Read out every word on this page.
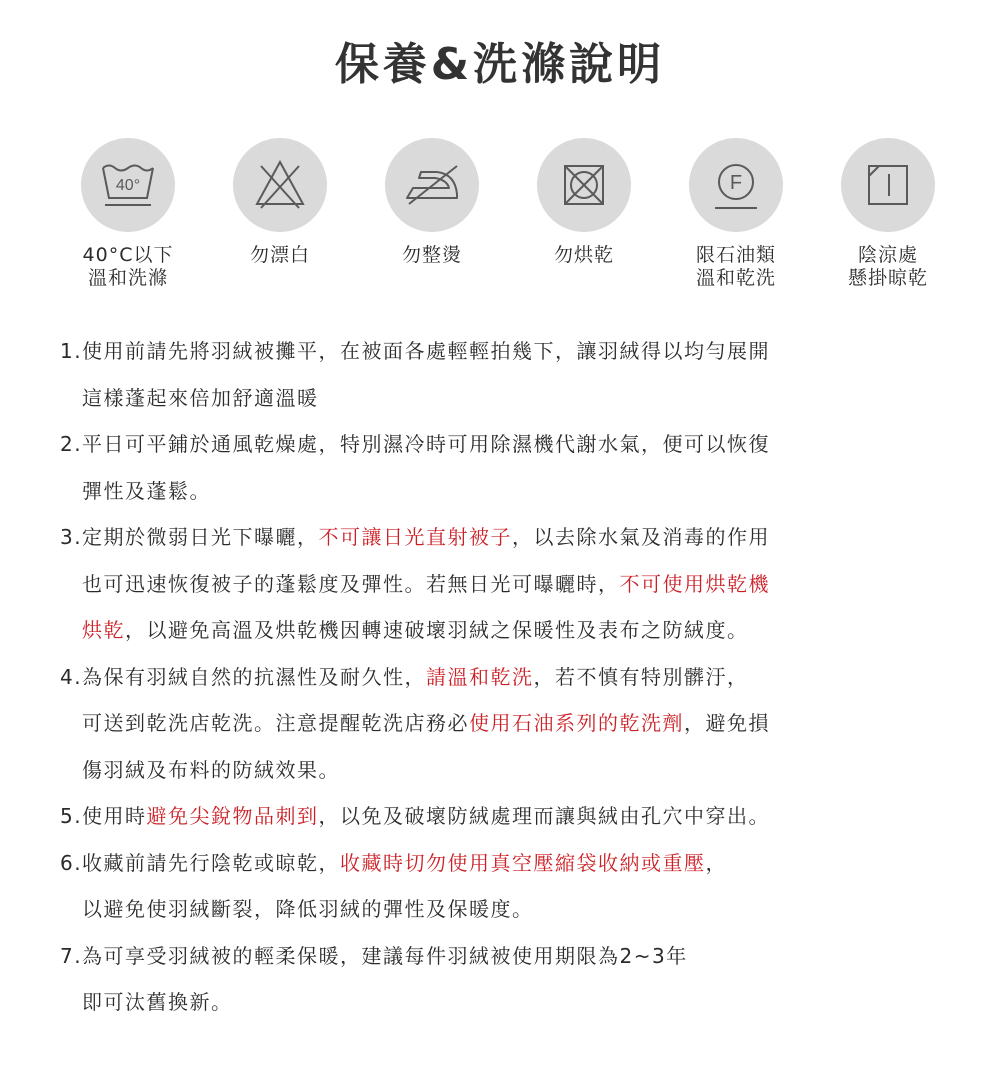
保養&洗滌說明
40°
40°C以下
溫和洗滌
勿漂白	勿整燙	勿烘乾
F
限石油類
溫和乾洗
陰涼處
懸掛晾乾
1.使用前請先將羽絨被攤平，在被面各處輕輕拍幾下，讓羽絨得以均勻展開
這樣蓬起來倍加舒適溫暖
2.平日可平鋪於通風乾燥處，特別濕冷時可用除濕機代謝水氣，便可以恢復
彈性及蓬鬆。
3.定期於微弱日光下曝曬，不可讓日光直射被子，以去除水氣及消毒的作用
也可迅速恢復被子的蓬鬆度及彈性。若無日光可曝曬時，不可使用烘乾機
烘乾，以避免高溫及烘乾機因轉速破壞羽絨之保暖性及表布之防絨度。
4.為保有羽絨自然的抗濕性及耐久性，請溫和乾洗，若不慎有特別髒汙，
可送到乾洗店乾洗。注意提醒乾洗店務必使用石油系列的乾洗劑，避免損
傷羽絨及布料的防絨效果。
5.使用時避免尖銳物品刺到，以免及破壞防絨處理而讓與絨由孔穴中穿出。
6.收藏前請先行陰乾或晾乾，收藏時切勿使用真空壓縮袋收納或重壓，
以避免使羽絨斷裂，降低羽絨的彈性及保暖度。
7.為可享受羽絨被的輕柔保暖，建議每件羽絨被使用期限為2~3年
即可汰舊換新。
